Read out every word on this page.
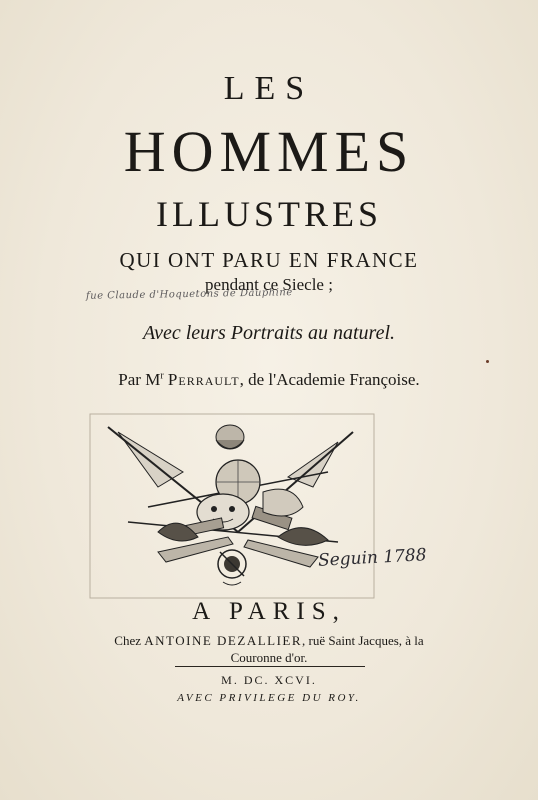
LES
HOMMES
ILLUSTRES
QUI ONT PARU EN FRANCE
pendant ce Siecle ;
fue Claude d'Hoquetons de Dauphine
Avec leurs Portraits au naturel.
Par $M^r$ Perrault, de l'Academie Françoise.
Seguin 1788
A PARIS,
Chez ANTOINE DEZALLIER, ruë Saint Jacques, à la
Couronne d'or.
M. DC. XCVI.
AVEC PRIVILEGE DU ROY.
